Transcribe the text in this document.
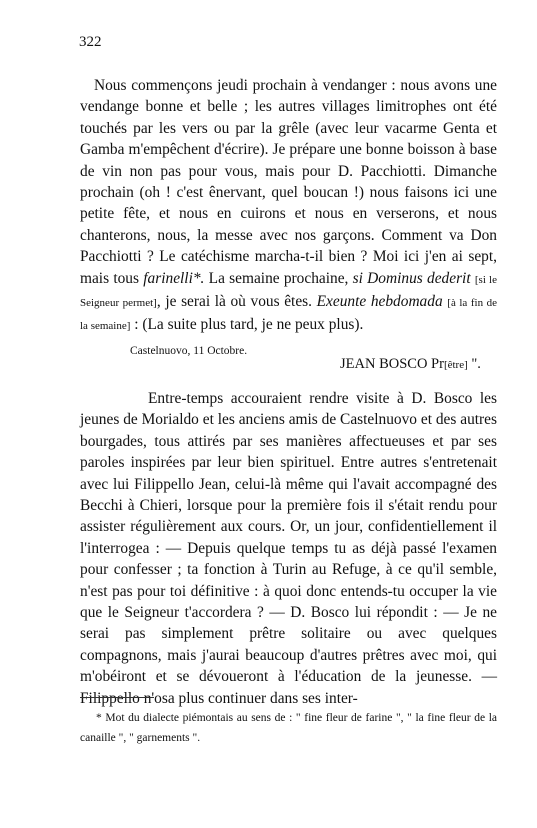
322

Nous commençons jeudi prochain à vendanger : nous avons une vendange bonne et belle ; les autres villages limitrophes ont été touchés par les vers ou par la grêle (avec leur vacarme Genta et Gamba m'empêchent d'écrire). Je prépare une bonne boisson à base de vin non pas pour vous, mais pour D. Pacchiotti. Dimanche prochain (oh ! c'est ênervant, quel boucan !) nous faisons ici une petite fête, et nous en cuirons et nous en verserons, et nous chanterons, nous, la messe avec nos garçons. Comment va Don Pacchiotti ? Le catéchisme marcha-t-il bien ? Moi ici j'en ai sept, mais tous farinelli*. La semaine prochaine, si Dominus dederit [si le Seigneur permet], je serai là où vous êtes. Exeunte hebdomada [à la fin de la semaine] : (La suite plus tard, je ne peux plus).

Castelnuovo, 11 Octobre.
JEAN BOSCO Pr[être] ".

Entre-temps accouraient rendre visite à D. Bosco les jeunes de Morialdo et les anciens amis de Castelnuovo et des autres bourgades, tous attirés par ses manières affectueuses et par ses paroles inspirées par leur bien spirituel. Entre autres s'entretenait avec lui Filippello Jean, celui-là même qui l'avait accompagné des Becchi à Chieri, lorsque pour la première fois il s'était rendu pour assister régulièrement aux cours. Or, un jour, confidentiellement il l'interrogea : — Depuis quelque temps tu as déjà passé l'examen pour confesser ; ta fonction à Turin au Refuge, à ce qu'il semble, n'est pas pour toi définitive : à quoi donc entends-tu occuper la vie que le Seigneur t'accordera ? — D. Bosco lui répondit : — Je ne serai pas simplement prêtre solitaire ou avec quelques compagnons, mais j'aurai beaucoup d'autres prêtres avec moi, qui m'obéiront et se dévoueront à l'éducation de la jeunesse. — Filippello n'osa plus continuer dans ses inter-

* Mot du dialecte piémontais au sens de : " fine fleur de farine ", " la fine fleur de la canaille ", " garnements ".
